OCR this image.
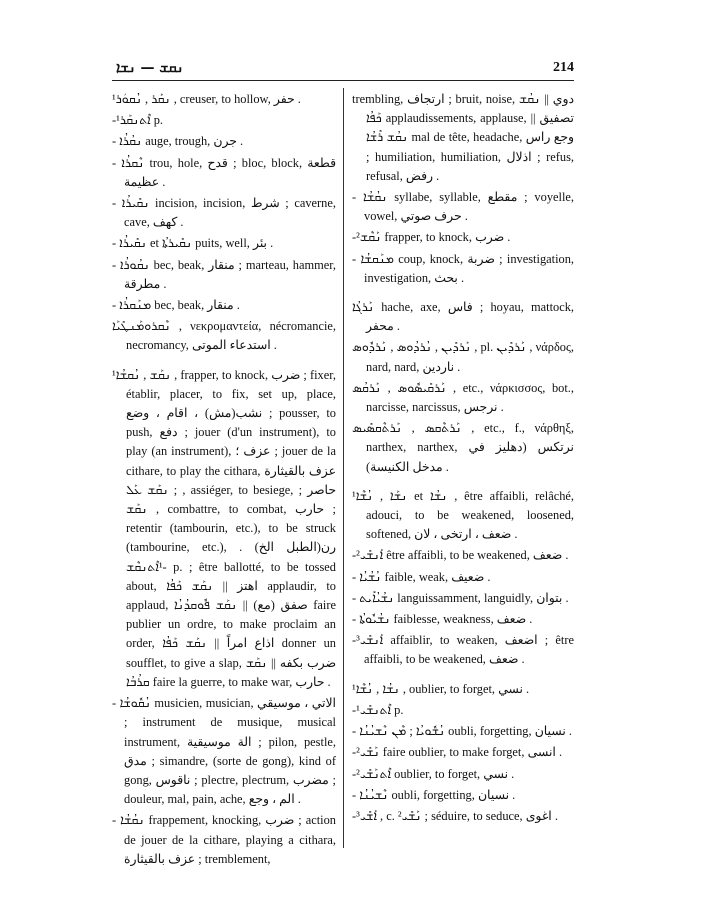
ܢܩܫ — ܢܫܐ	214
¹ܢܩܰܪ , ܢܳܩܘܿܪ , creuser, to hollow, حفر .
-¹ܐܶܬܢܩܰܪ p.
- ܢܩܳܪܳܐ auge, trough, جرن .
- ܢܶܩܪܳܐ trou, hole, قدح ; bloc, block, قطعة عظيمة .
- ܢܩܺܝܪܳܐ incision, incision, شرط ; caverne, cave, كهف .
- ܢܩܺܝܪܳܐ et ܢܩܺܝܪܬܳܐ puits, well, بئر .
- ܢܩܳܘܪܳܐ bec, beak, منقار ; marteau, hammer, مطرقة .
- ܡܢܰܩܪܳܐ bec, beak, منقار .
ܢܶܩܪܘܡܰܢܛܺܝܰܐ , νεκρομαντεία, nécromancie, necromancy, استدعاء الموتى .
¹ܢܩܰܫ , ܢܳܩܫܳܐ , frapper, to knock, ضرب ; fixer, établir, placer, to fix, set up, place, نشب(مش) ، اقام ، وضع ; pousser, to push, دفع ; jouer (d'un instrument), to play (an instrument), عزف ؛ ; jouer de la cithare, to play the cithara, عزف بالقيثارة ; ܢܩܰܫ ܥܰܠ , assiéger, to besiege, حاصر ; ܢܩܰܫ , combattre, to combat, حارب ; retentir (tambourin, etc.), to be struck (tambourine, etc.), رن(الطبل الخ) . -¹ܐܶܬܢܩܶܫ p. ; être ballotté, to be tossed about, اهتز || ܢܩܰܫ ܟܰܦܳܐ applaudir, to applaud, صفق (مع) || ܢܩܰܫ ܦܽܘܩܕܳܢܳܐ faire publier un ordre, to make proclaim an order, اذاع امراً || ܢܩܰܫ ܟܰܦܳܐ donner un soufflet, to give a slap, ضرب بكفه || ܢܩܰܫ ܩܪܳܒܳܐ faire la guerre, to make war, حارب .
- ܢܳܩܽܘܫܳܐ musicien, musician, الاتي ، موسيقي ; instrument de musique, musical instrument, الة موسيقية ; pilon, pestle, مدق ; simandre, (sorte de gong), kind of gong, ناقوس ; plectre, plectrum, مضرب ; douleur, mal, pain, ache, الم ، وجع .
- ܢܩܳܫܳܐ frappement, knocking, ضرب ; action de jouer de la cithare, playing a cithara, عزف بالقيثارة ; tremblement,
trembling, ارتجاف ; bruit, noise, دوي || ܢܩܳܫ ܟܰܦܳܐ applaudissements, applause, تصفيق || ܢܩܳܫ ܪܺܫܳܐ mal de tête, headache, وجع راس ; humiliation, humiliation, اذلال ; refus, refusal, رفض .
- ܢܩܳܫܳܐ syllabe, syllable, مقطع ; voyelle, vowel, حرف صوتي .
-²ܢܰܩܶܫ frapper, to knock, ضرب .
- ܡܢܰܩܫܳܐ coup, knock, ضربة ; investigation, investigation, بحث .
ܢܰܪܓܳܐ hache, axe, فاس ; hoyau, mattock, محفر .
ܢܰܪܕܺܝܢ , ܢܳܪܕܳܘܣ , ܢܰܪܕܽܘܣ , pl. ܢܰܪܕܺܝܢ , νάρδος, nard, nard, ناردين .
ܢܰܪܩܺܝܣܽܘܣ , ܢܰܪܩܳܣ , etc., νάρκισσος, bot., narcisse, narcissus, نرجس .
ܢܰܪܬܶܩܣ , ܢܰܪܬܶܩܣܺܝܣ , etc., f., νάρθηξ, narthex, narthex, نرتكس (دهليز في مدخل الكنيسة) .
¹ܢܫܰܐ , ܢܳܫܶܐ et ܢܫܳܐ , être affaibli, relâché, adouci, to be weakened, loosened, softened, ضعف ، ارتخى ، لان .
-²ܐܰܢܫܺܝ être affaibli, to be weakened, ضعف .
- ܢܳܫܳܝܳܐ faible, weak, ضعيف .
- ܢܫܳܝܳܐܺܝܬ languissamment, languidly, بتوان .
- ܢܫܳܝܽܘܬܳܐ faiblesse, weakness, ضعف .
-³ܐܰܢܫܺܝ affaiblir, to weaken, اضعف ; être affaibli, to be weakened, ضعف .
¹ܢܫܳܐ , ܢܳܫܶܐ , oublier, to forget, نسي .
-¹ܐܶܬܢܫܺܝ p.
- ܢܳܫܽܘܝܳܐ ; ܡܶܢ ܢܶܫܝܳܢܳܐ oubli, forgetting, نسيان .
-²ܢܰܫܺܝ faire oublier, to make forget, انسى .
-²ܐܶܬܢܰܫܺܝ oublier, to forget, نسي .
- ܢܶܫܝܳܢܳܐ oubli, forgetting, نسيان .
-³ܐܰܫܺܝ , c. ²ܢܰܫܺܝ ; séduire, to seduce, اغوى .
